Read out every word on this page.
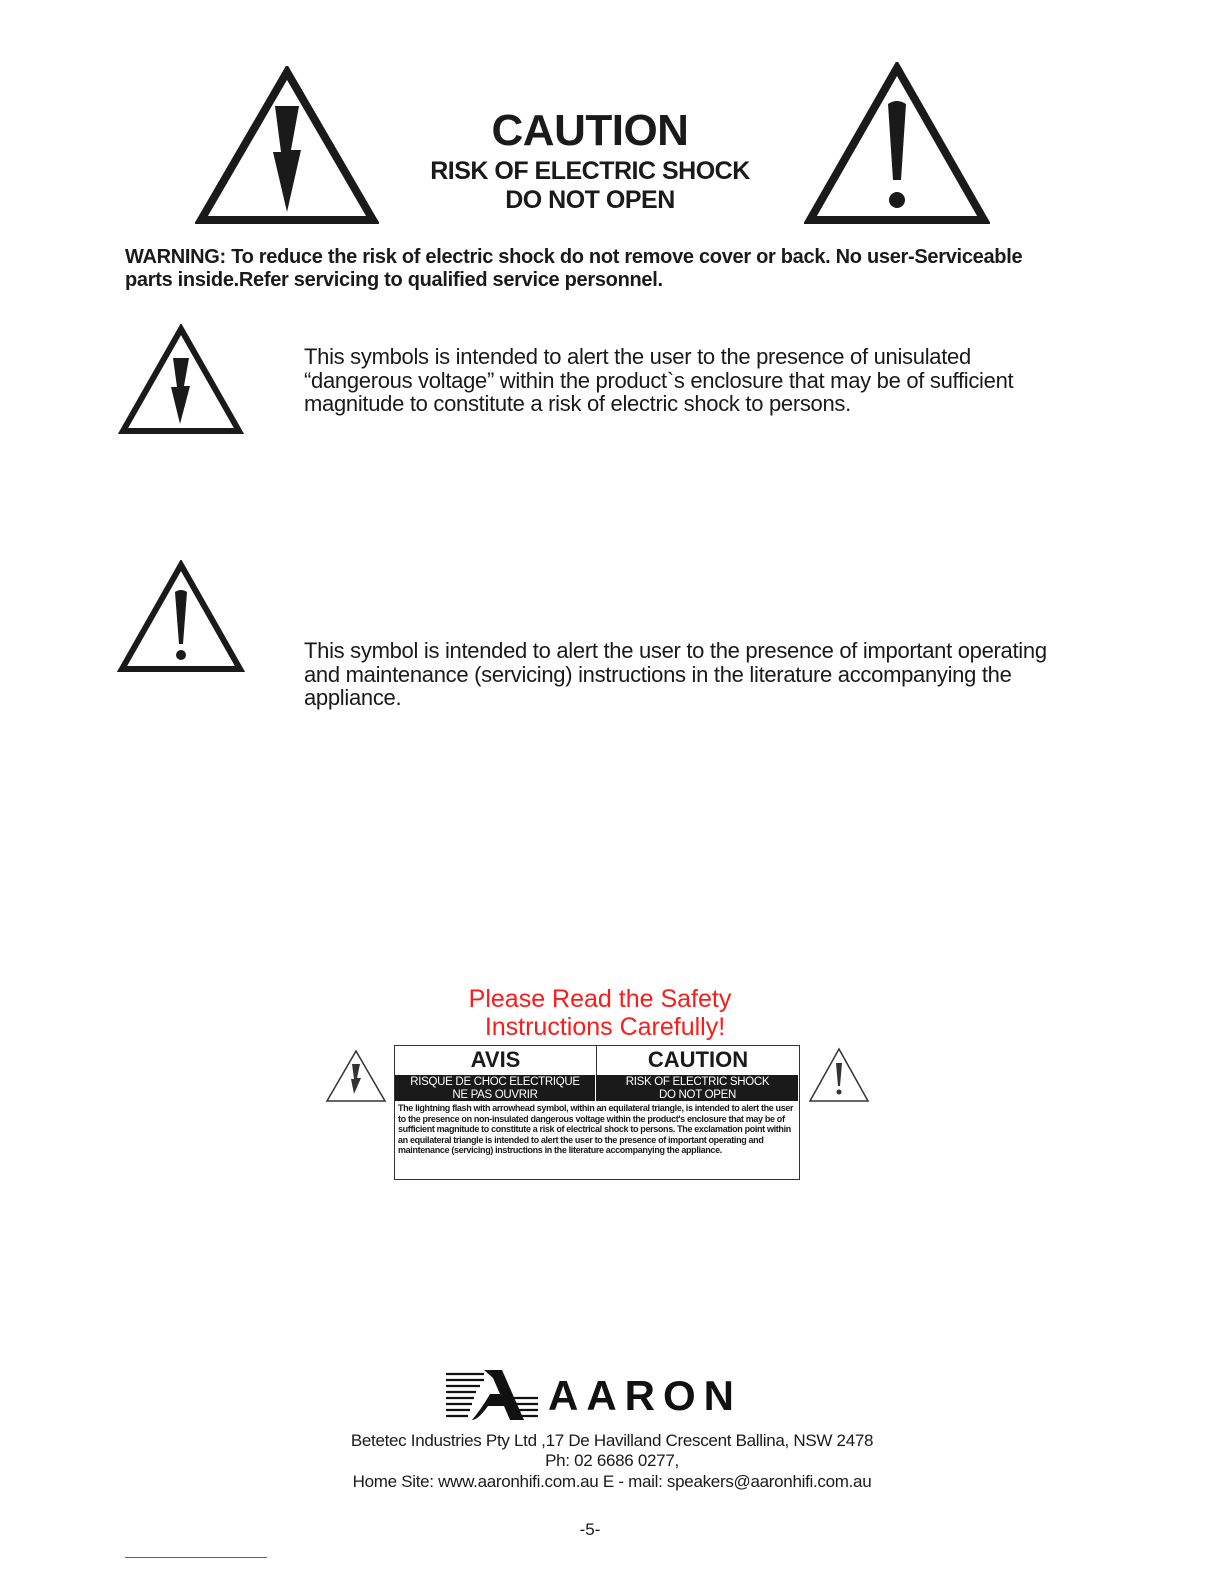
CAUTION
RISK OF ELECTRIC SHOCK
DO NOT OPEN
WARNING: To reduce the risk of electric shock do not remove cover or back. No user-Serviceable parts inside.Refer servicing to qualified service personnel.
This symbols is intended to alert the user to the presence of unisulated “dangerous voltage” within the product`s enclosure that may be of sufficient magnitude to constitute a risk of electric shock to persons.
This symbol is intended to alert the user to the presence of important operating and maintenance (servicing) instructions in the literature accompanying the appliance.
Please Read the Safety
Instructions Carefully!
AVIS	CAUTION
RISQUE DE CHOC ELECTRIQUE
NE PAS OUVRIR
RISK OF ELECTRIC SHOCK
DO NOT OPEN
The lightning flash with arrowhead symbol, within an equilateral triangle, is intended to alert the user to the presence on non-insulated dangerous voltage within the product's enclosure that may be of sufficient magnitude to constitute a risk of electrical shock to persons. The exclamation point within an equilateral triangle is intended to alert the user to the presence of important operating and maintenance (servicing) instructions in the literature accompanying the appliance.
AARON
Betetec Industries Pty Ltd ,17 De Havilland Crescent Ballina, NSW 2478
Ph: 02 6686 0277,
Home Site: www.aaronhifi.com.au E - mail: speakers@aaronhifi.com.au
-5-
